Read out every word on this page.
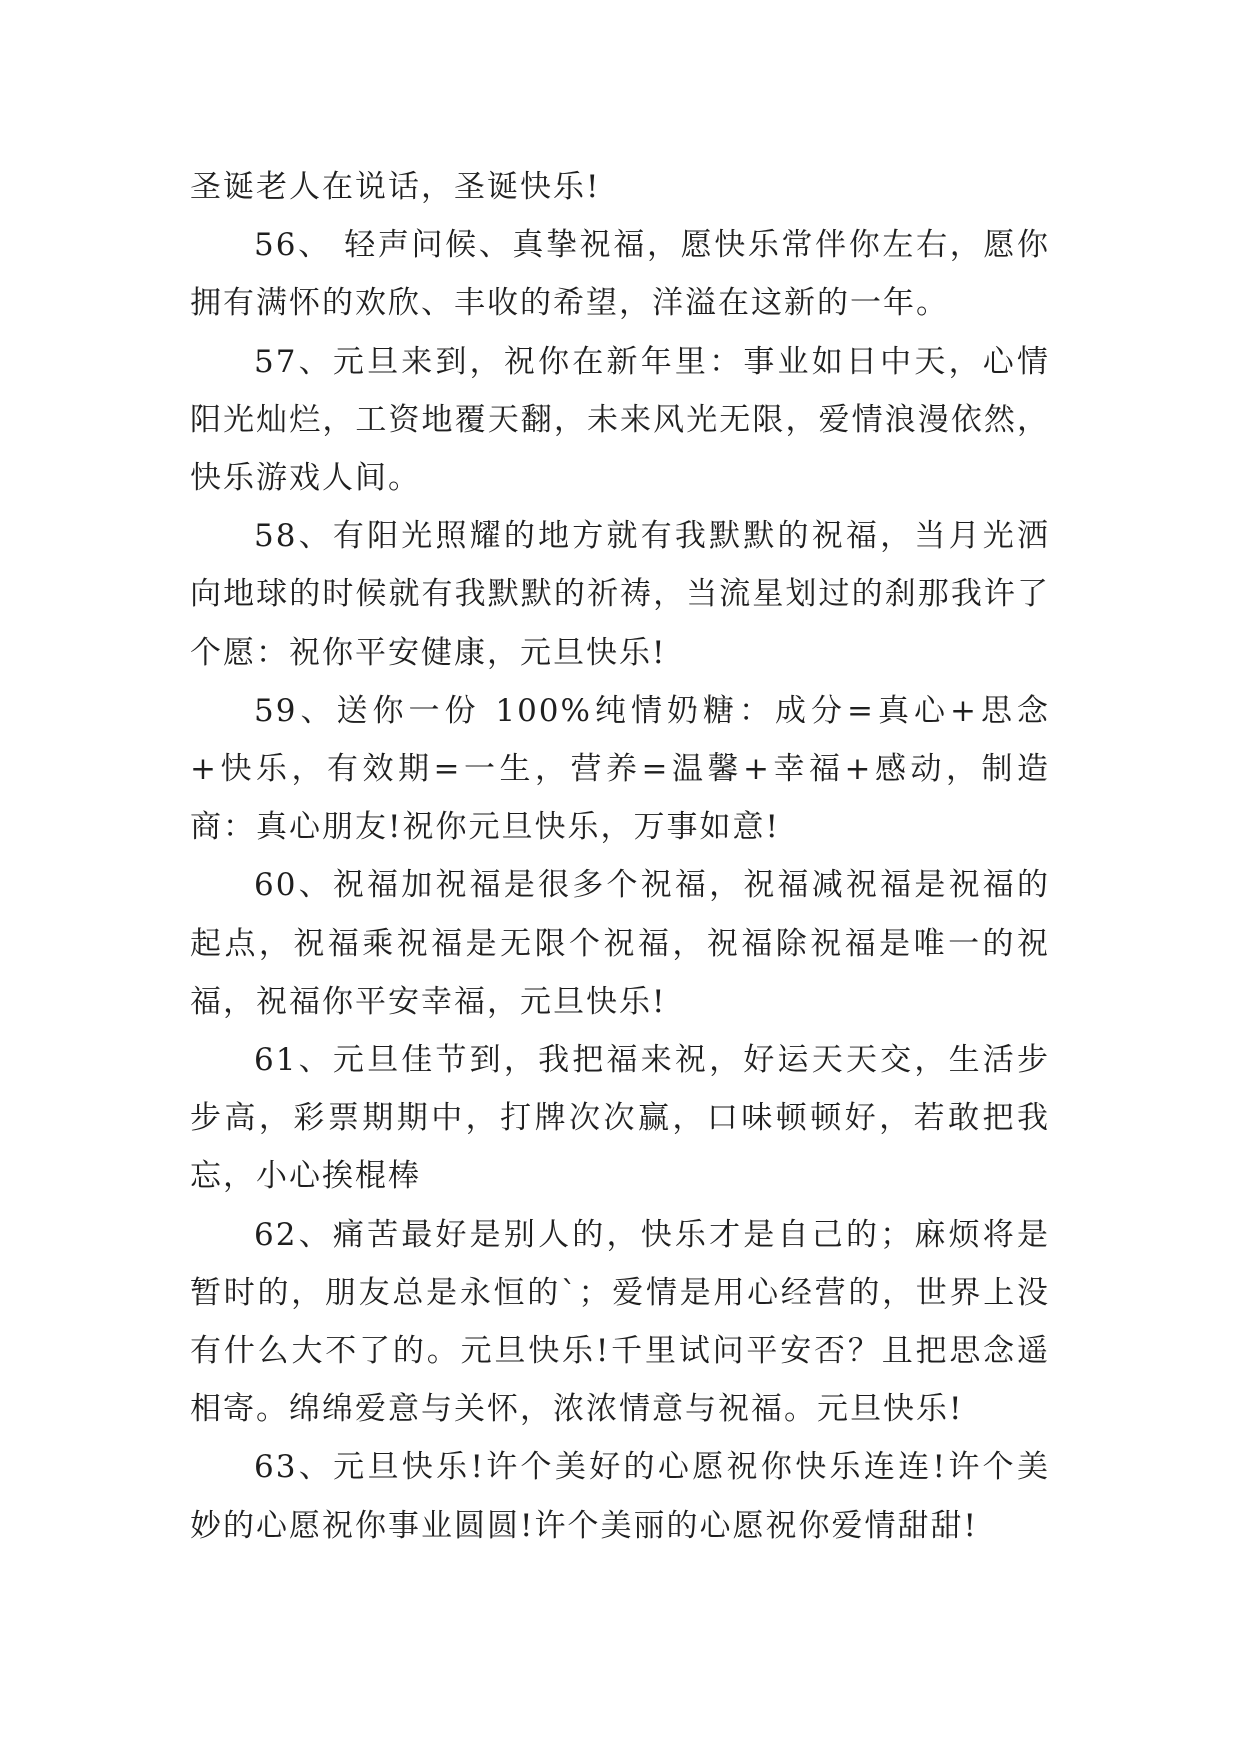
圣诞老人在说话，圣诞快乐!

56、 轻声问候、真挚祝福，愿快乐常伴你左右，愿你拥有满怀的欢欣、丰收的希望，洋溢在这新的一年。

57、元旦来到，祝你在新年里：事业如日中天，心情阳光灿烂，工资地覆天翻，未来风光无限，爱情浪漫依然，快乐游戏人间。

58、有阳光照耀的地方就有我默默的祝福，当月光洒向地球的时候就有我默默的祈祷，当流星划过的刹那我许了个愿：祝你平安健康，元旦快乐!

59、送你一份 100%纯情奶糖：成分=真心+思念+快乐，有效期=一生，营养=温馨+幸福+感动，制造商：真心朋友!祝你元旦快乐，万事如意!

60、祝福加祝福是很多个祝福，祝福减祝福是祝福的起点，祝福乘祝福是无限个祝福，祝福除祝福是唯一的祝福，祝福你平安幸福，元旦快乐!

61、元旦佳节到，我把福来祝，好运天天交，生活步步高，彩票期期中，打牌次次赢，口味顿顿好，若敢把我忘，小心挨棍棒

62、痛苦最好是别人的，快乐才是自己的；麻烦将是暂时的，朋友总是永恒的`；爱情是用心经营的，世界上没有什么大不了的。元旦快乐!千里试问平安否？且把思念遥相寄。绵绵爱意与关怀，浓浓情意与祝福。元旦快乐!

63、元旦快乐!许个美好的心愿祝你快乐连连!许个美妙的心愿祝你事业圆圆!许个美丽的心愿祝你爱情甜甜!
